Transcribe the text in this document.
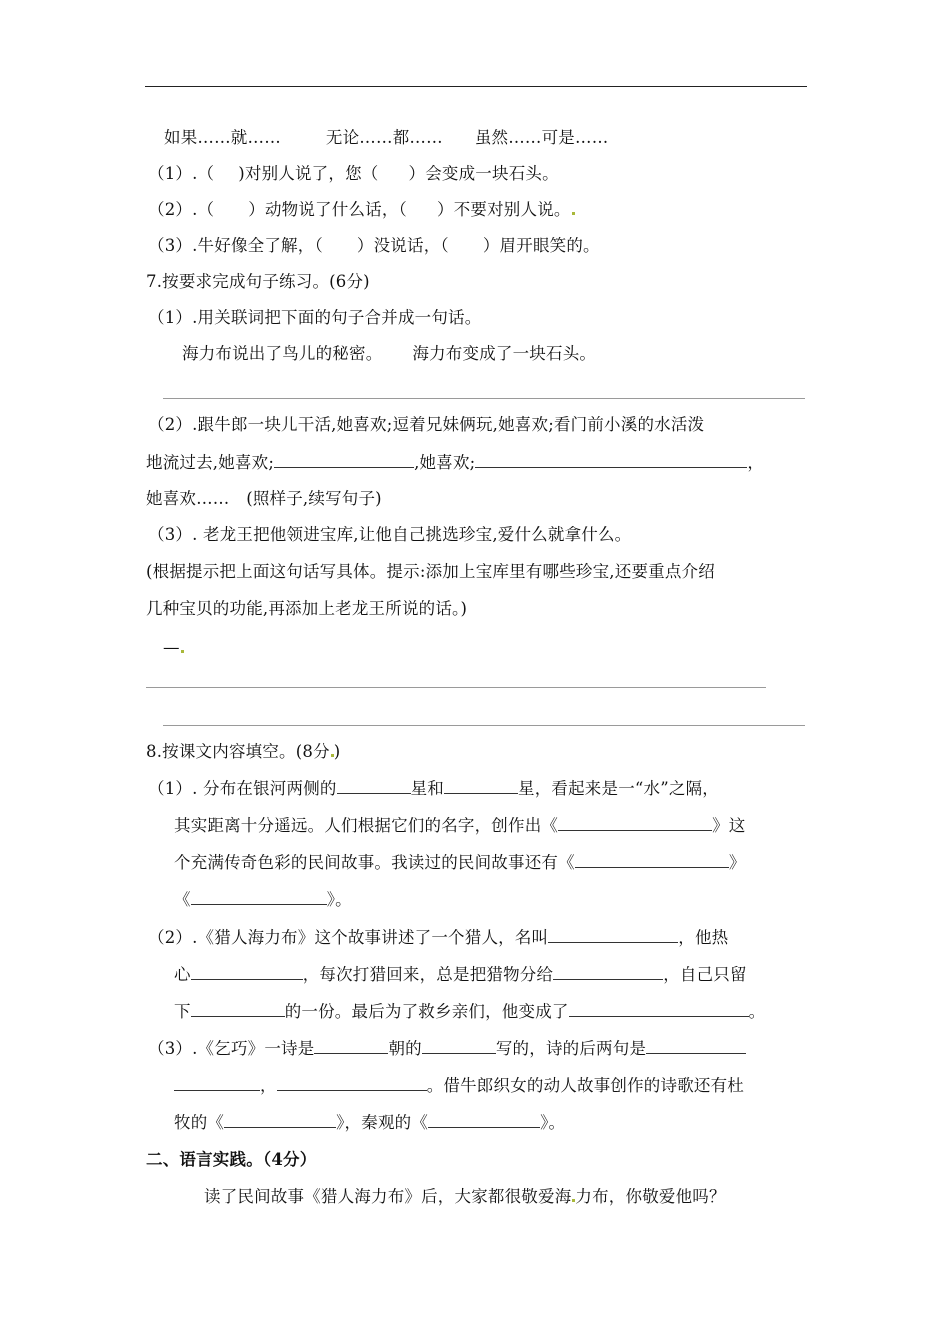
如果……就……	无论……都…… 虽然……可是……
（1）.（ )对别人说了，您（ ）会变成一块石头。
（2）.（ ）动物说了什么话，（ ）不要对别人说。
（3）.牛好像全了解，（ ）没说话，（ ）眉开眼笑的。
7.按要求完成句子练习。(6分)
（1）.用关联词把下面的句子合并成一句话。
海力布说出了鸟儿的秘密。 海力布变成了一块石头。
（2）.跟牛郎一块儿干活,她喜欢;逗着兄妹俩玩,她喜欢;看门前小溪的水活泼
地流过去,她喜欢;	,她喜欢;	，
她喜欢……　(照样子,续写句子)
（3）. 老龙王把他领进宝库,让他自己挑选珍宝,爱什么就拿什么。
(根据提示把上面这句话写具体。提示:添加上宝库里有哪些珍宝,还要重点介绍
几种宝贝的功能,再添加上老龙王所说的话。)
—
8.按课文内容填空。(8分 )
（1）. 分布在银河两侧的	星和	星，看起来是一“水”之隔，
其实距离十分遥远。人们根据它们的名字，创作出《	》这
个充满传奇色彩的民间故事。我读过的民间故事还有《	》
《	》。
（2）.《猎人海力布》这个故事讲述了一个猎人，名叫	，他热
心	，每次打猎回来，总是把猎物分给	，自己只留
下	的一份。最后为了救乡亲们，他变成了	。
（3）.《乞巧》一诗是	朝的	写的，诗的后两句是
，	。借牛郎织女的动人故事创作的诗歌还有杜
牧的《	》，秦观的《	》。
二、语言实践。（4分）
读了民间故事《猎人海力布》后，大家都很敬爱海 力布，你敬爱他吗？
